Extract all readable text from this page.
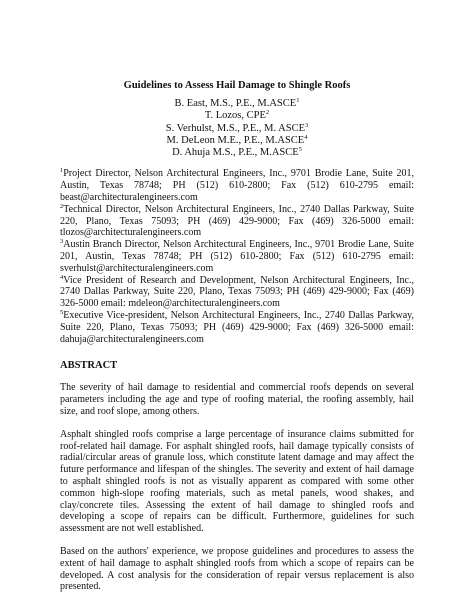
Guidelines to Assess Hail Damage to Shingle Roofs
B. East, M.S., P.E., M.ASCE$^1$
T. Lozos, CPE$^2$
S. Verhulst, M.S., P.E., M. ASCE$^3$
M. DeLeon M.E., P.E., M.ASCE$^4$
D. Ahuja M.S., P.E., M.ASCE$^5$

$^1$Project Director, Nelson Architectural Engineers, Inc., 9701 Brodie Lane, Suite 201, Austin, Texas 78748; PH (512) 610-2800; Fax (512) 610-2795 email: beast@architecturalengineers.com

$^2$Technical Director, Nelson Architectural Engineers, Inc., 2740 Dallas Parkway, Suite 220, Plano, Texas 75093; PH (469) 429-9000; Fax (469) 326-5000 email: tlozos@architecturalengineers.com

$^3$Austin Branch Director, Nelson Architectural Engineers, Inc., 9701 Brodie Lane, Suite 201, Austin, Texas 78748; PH (512) 610-2800; Fax (512) 610-2795 email: sverhulst@architecturalengineers.com

$^4$Vice President of Research and Development, Nelson Architectural Engineers, Inc., 2740 Dallas Parkway, Suite 220, Plano, Texas 75093; PH (469) 429-9000; Fax (469) 326-5000 email: mdeleon@architecturalengineers.com

$^5$Executive Vice-president, Nelson Architectural Engineers, Inc., 2740 Dallas Parkway, Suite 220, Plano, Texas 75093; PH (469) 429-9000; Fax (469) 326-5000 email: dahuja@architecturalengineers.com

ABSTRACT

The severity of hail damage to residential and commercial roofs depends on several parameters including the age and type of roofing material, the roofing assembly, hail size, and roof slope, among others.

Asphalt shingled roofs comprise a large percentage of insurance claims submitted for roof-related hail damage. For asphalt shingled roofs, hail damage typically consists of radial/circular areas of granule loss, which constitute latent damage and may affect the future performance and lifespan of the shingles. The severity and extent of hail damage to asphalt shingled roofs is not as visually apparent as compared with some other common high-slope roofing materials, such as metal panels, wood shakes, and clay/concrete tiles. Assessing the extent of hail damage to shingled roofs and developing a scope of repairs can be difficult. Furthermore, guidelines for such assessment are not well established.

Based on the authors' experience, we propose guidelines and procedures to assess the extent of hail damage to asphalt shingled roofs from which a scope of repairs can be developed. A cost analysis for the consideration of repair versus replacement is also presented.
